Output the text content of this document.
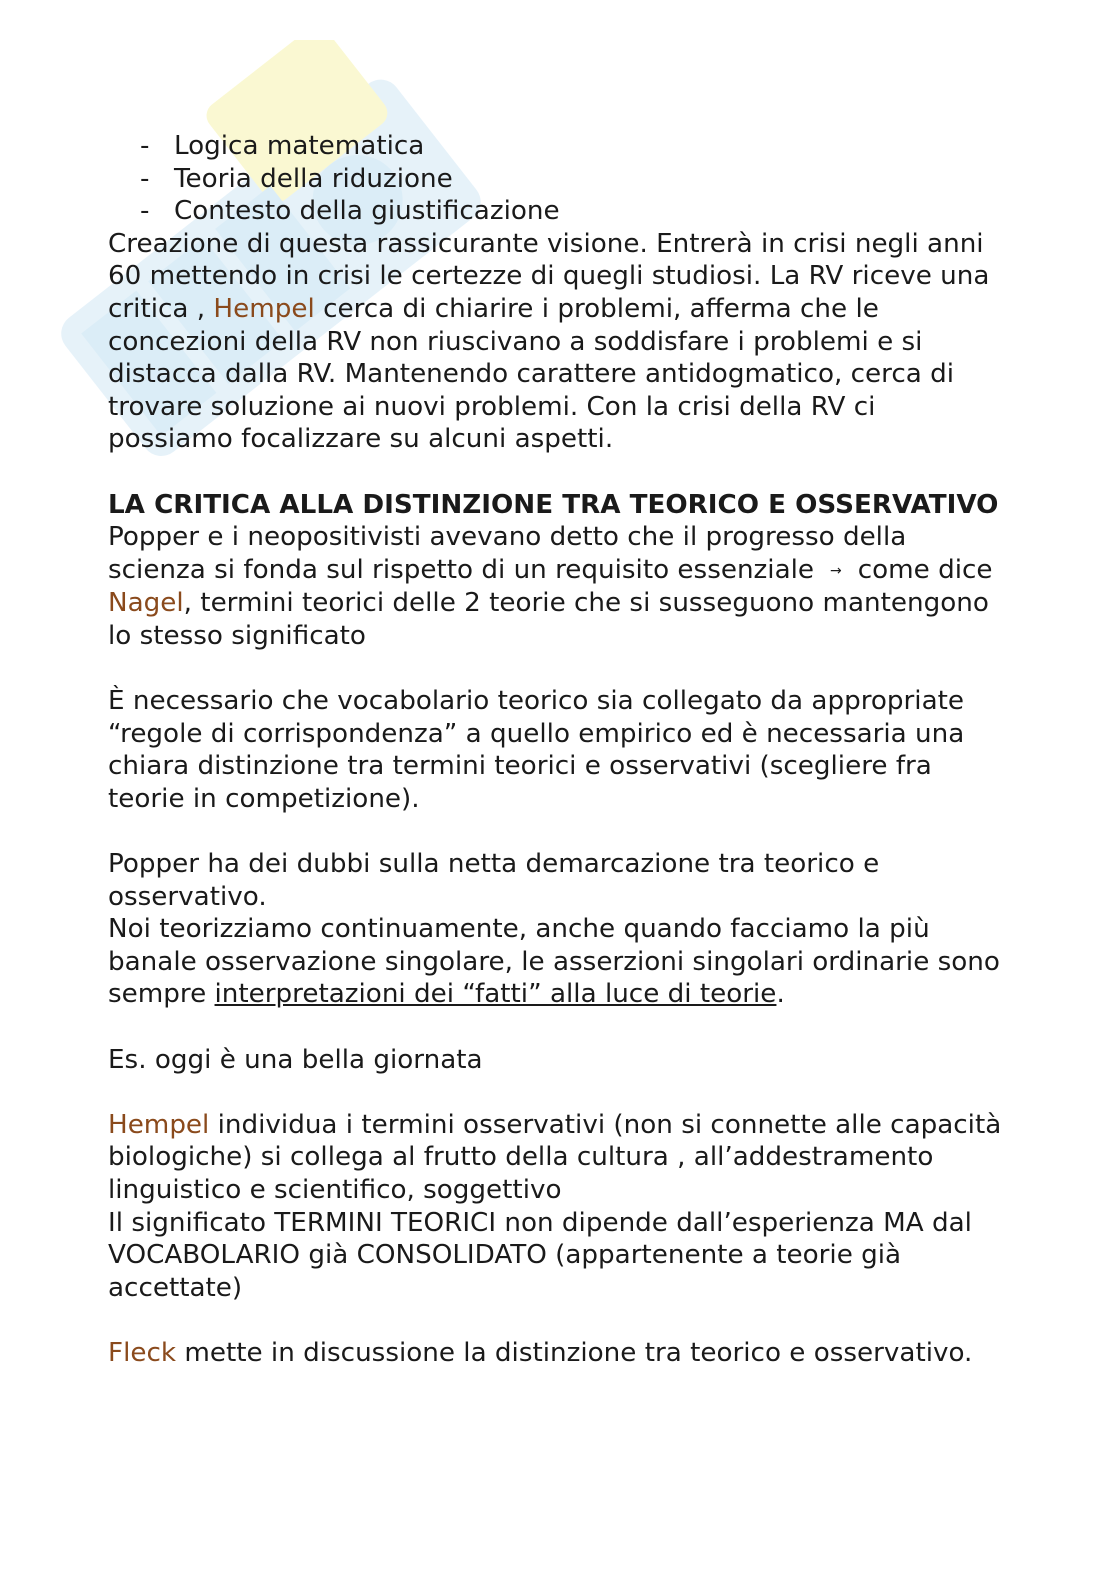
- Logica matematica
- Teoria della riduzione
- Contesto della giustificazione

Creazione di questa rassicurante visione. Entrerà in crisi negli anni 60 mettendo in crisi le certezze di quegli studiosi. La RV riceve una critica , Hempel cerca di chiarire i problemi, afferma che le concezioni della RV non riuscivano a soddisfare i problemi e si distacca dalla RV. Mantenendo carattere antidogmatico, cerca di trovare soluzione ai nuovi problemi. Con la crisi della RV ci possiamo focalizzare su alcuni aspetti.

LA CRITICA ALLA DISTINZIONE TRA TEORICO E OSSERVATIVO

Popper e i neopositivisti avevano detto che il progresso della scienza si fonda sul rispetto di un requisito essenziale → come dice Nagel, termini teorici delle 2 teorie che si susseguono mantengono lo stesso significato

È necessario che vocabolario teorico sia collegato da appropriate “regole di corrispondenza” a quello empirico ed è necessaria una chiara distinzione tra termini teorici e osservativi (scegliere fra teorie in competizione).

Popper ha dei dubbi sulla netta demarcazione tra teorico e osservativo.

Noi teorizziamo continuamente, anche quando facciamo la più banale osservazione singolare, le asserzioni singolari ordinarie sono sempre interpretazioni dei “fatti” alla luce di teorie.

Es. oggi è una bella giornata

Hempel individua i termini osservativi (non si connette alle capacità biologiche) si collega al frutto della cultura , all’addestramento linguistico e scientifico, soggettivo

Il significato TERMINI TEORICI non dipende dall’esperienza MA dal VOCABOLARIO già CONSOLIDATO (appartenente a teorie già accettate)

Fleck mette in discussione la distinzione tra teorico e osservativo.
